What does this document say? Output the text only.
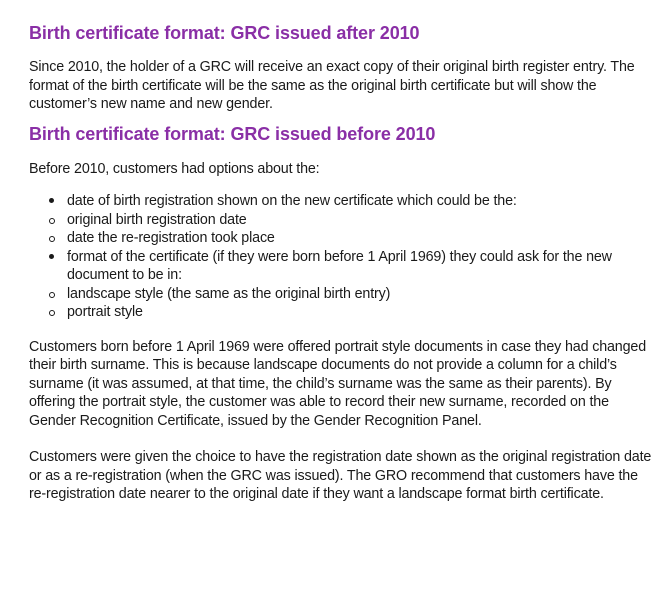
Birth certificate format: GRC issued after 2010

Since 2010, the holder of a GRC will receive an exact copy of their original birth register entry. The format of the birth certificate will be the same as the original birth certificate but will show the customer’s new name and new gender.

Birth certificate format: GRC issued before 2010

Before 2010, customers had options about the:

date of birth registration shown on the new certificate which could be the:
original birth registration date
date the re-registration took place
format of the certificate (if they were born before 1 April 1969) they could ask for the new document to be in:
landscape style (the same as the original birth entry)
portrait style

Customers born before 1 April 1969 were offered portrait style documents in case they had changed their birth surname. This is because landscape documents do not provide a column for a child’s surname (it was assumed, at that time, the child’s surname was the same as their parents). By offering the portrait style, the customer was able to record their new surname, recorded on the Gender Recognition Certificate, issued by the Gender Recognition Panel.

Customers were given the choice to have the registration date shown as the original registration date or as a re-registration (when the GRC was issued). The GRO recommend that customers have the re-registration date nearer to the original date if they want a landscape format birth certificate.
